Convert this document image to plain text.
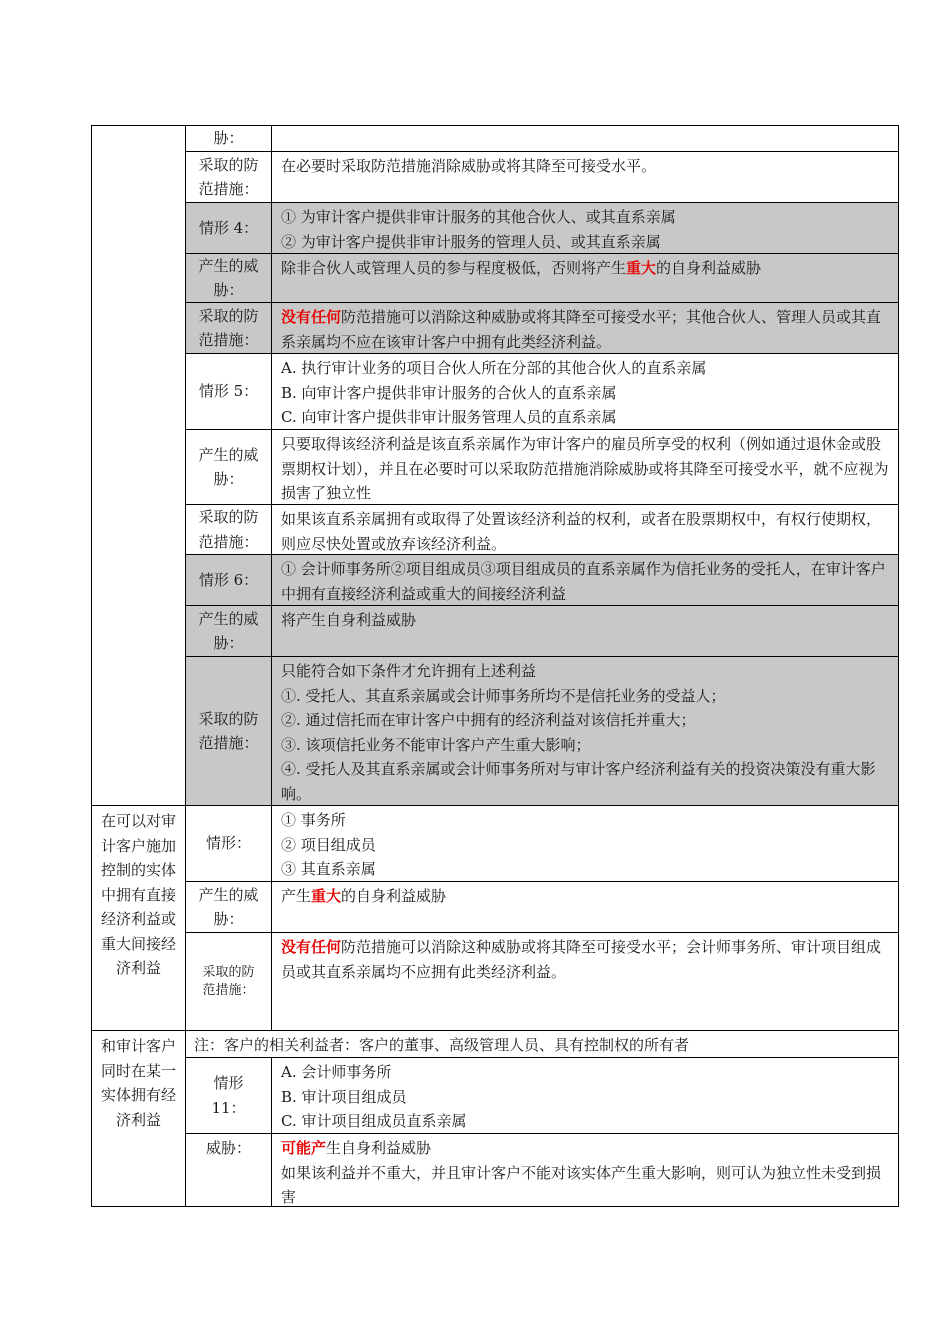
在可以对审计客户施加控制的实体中拥有直接经济利益或重大间接经济利益
和审计客户同时在某一实体拥有经济利益
胁：
采取的防范措施：
在必要时采取防范措施消除威胁或将其降至可接受水平。
情形 4：
① 为审计客户提供非审计服务的其他合伙人、或其直系亲属
② 为审计客户提供非审计服务的管理人员、或其直系亲属
产生的威胁：
除非合伙人或管理人员的参与程度极低，否则将产生重大的自身利益威胁
采取的防范措施：
没有任何防范措施可以消除这种威胁或将其降至可接受水平；其他合伙人、管理人员或其直系亲属均不应在该审计客户中拥有此类经济利益。
情形 5：
A. 执行审计业务的项目合伙人所在分部的其他合伙人的直系亲属
B. 向审计客户提供非审计服务的合伙人的直系亲属
C. 向审计客户提供非审计服务管理人员的直系亲属
产生的威胁：
只要取得该经济利益是该直系亲属作为审计客户的雇员所享受的权利（例如通过退休金或股票期权计划），并且在必要时可以采取防范措施消除威胁或将其降至可接受水平，就不应视为损害了独立性
采取的防范措施：
如果该直系亲属拥有或取得了处置该经济利益的权利，或者在股票期权中，有权行使期权，则应尽快处置或放弃该经济利益。
情形 6：
① 会计师事务所②项目组成员③项目组成员的直系亲属作为信托业务的受托人，在审计客户中拥有直接经济利益或重大的间接经济利益
产生的威胁：
将产生自身利益威胁
采取的防范措施：
只能符合如下条件才允许拥有上述利益
①. 受托人、其直系亲属或会计师事务所均不是信托业务的受益人；
②. 通过信托而在审计客户中拥有的经济利益对该信托并重大；
③. 该项信托业务不能审计客户产生重大影响；
④. 受托人及其直系亲属或会计师事务所对与审计客户经济利益有关的投资决策没有重大影响。
情形：
① 事务所
② 项目组成员
③ 其直系亲属
产生的威胁：
产生重大的自身利益威胁
采取的防范措施：
没有任何防范措施可以消除这种威胁或将其降至可接受水平；会计师事务所、审计项目组成员或其直系亲属均不应拥有此类经济利益。
注：客户的相关利益者：客户的董事、高级管理人员、具有控制权的所有者
情形 11：
A. 会计师事务所
B. 审计项目组成员
C. 审计项目组成员直系亲属
威胁： 可能产生自身利益威胁
如果该利益并不重大，并且审计客户不能对该实体产生重大影响，则可认为独立性未受到损害
